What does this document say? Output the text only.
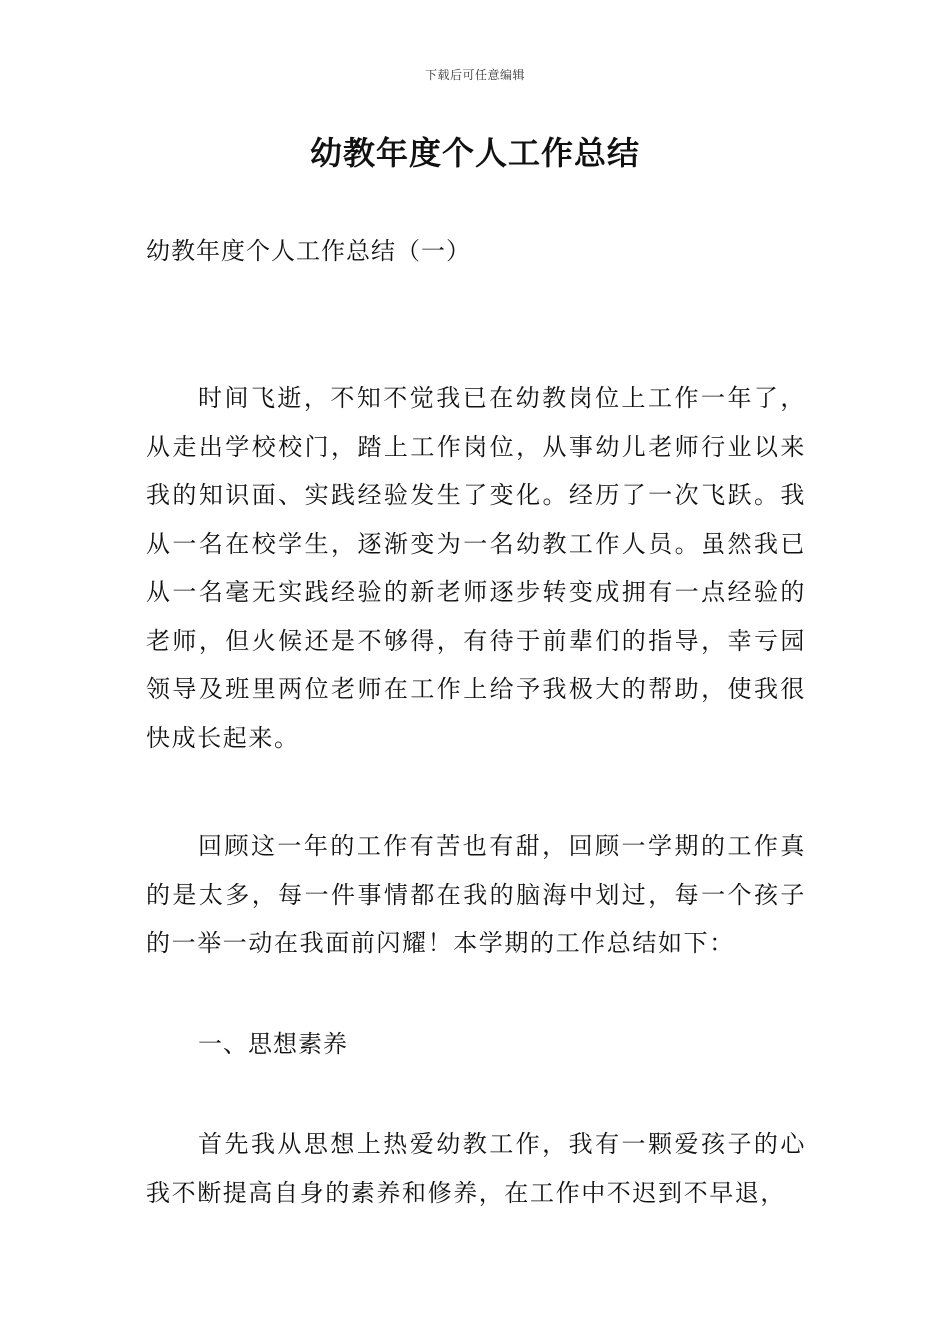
下载后可任意编辑
幼教年度个人工作总结
幼教年度个人工作总结（一）

时间飞逝，不知不觉我已在幼教岗位上工作一年了，从走出学校校门，踏上工作岗位，从事幼儿老师行业以来我的知识面、实践经验发生了变化。经历了一次飞跃。我从一名在校学生，逐渐变为一名幼教工作人员。虽然我已从一名毫无实践经验的新老师逐步转变成拥有一点经验的老师，但火候还是不够得，有待于前辈们的指导，幸亏园领导及班里两位老师在工作上给予我极大的帮助，使我很快成长起来。

回顾这一年的工作有苦也有甜，回顾一学期的工作真的是太多，每一件事情都在我的脑海中划过，每一个孩子的一举一动在我面前闪耀！本学期的工作总结如下：

一、思想素养

首先我从思想上热爱幼教工作，我有一颗爱孩子的心我不断提高自身的素养和修养，在工作中不迟到不早退，
